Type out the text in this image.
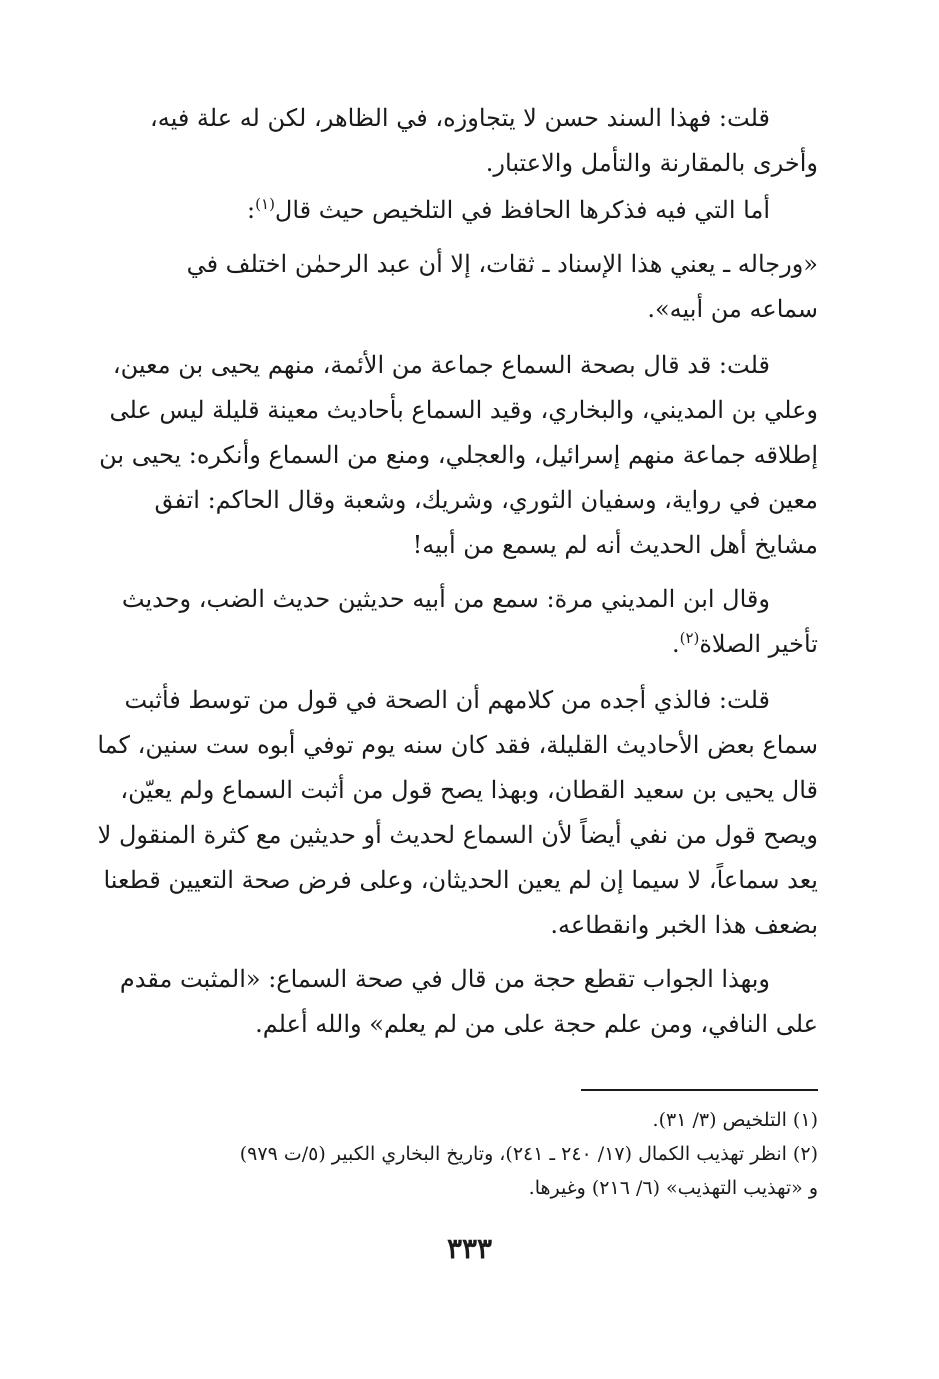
قلت: فهذا السند حسن لا يتجاوزه، في الظاهر، لكن له علة فيه،
وأخرى بالمقارنة والتأمل والاعتبار.

أما التي فيه فذكرها الحافظ في التلخيص حيث قال$^{(١)}$:

«ورجاله ـ يعني هذا الإسناد ـ ثقات، إلا أن عبد الرحمٰن اختلف في
سماعه من أبيه».

قلت: قد قال بصحة السماع جماعة من الأئمة، منهم يحيى بن معين،
وعلي بن المديني، والبخاري، وقيد السماع بأحاديث معينة قليلة ليس على
إطلاقه جماعة منهم إسرائيل، والعجلي، ومنع من السماع وأنكره: يحيى بن
معين في رواية، وسفيان الثوري، وشريك، وشعبة وقال الحاكم: اتفق
مشايخ أهل الحديث أنه لم يسمع من أبيه!

وقال ابن المديني مرة: سمع من أبيه حديثين حديث الضب، وحديث
تأخير الصلاة$^{(٢)}$.

قلت: فالذي أجده من كلامهم أن الصحة في قول من توسط فأثبت
سماع بعض الأحاديث القليلة، فقد كان سنه يوم توفي أبوه ست سنين، كما
قال يحيى بن سعيد القطان، وبهذا يصح قول من أثبت السماع ولم يعيّن،
ويصح قول من نفي أيضاً لأن السماع لحديث أو حديثين مع كثرة المنقول لا
يعد سماعاً، لا سيما إن لم يعين الحديثان، وعلى فرض صحة التعيين قطعنا
بضعف هذا الخبر وانقطاعه.

وبهذا الجواب تقطع حجة من قال في صحة السماع: «المثبت مقدم
على النافي، ومن علم حجة على من لم يعلم» والله أعلم.

(١) التلخيص (٣/ ٣١).
(٢) انظر تهذيب الكمال (١٧/ ٢٤٠ ـ ٢٤١)، وتاريخ البخاري الكبير (٥/ت ٩٧٩)
و «تهذيب التهذيب» (٦/ ٢١٦) وغيرها.
٣٣٣
